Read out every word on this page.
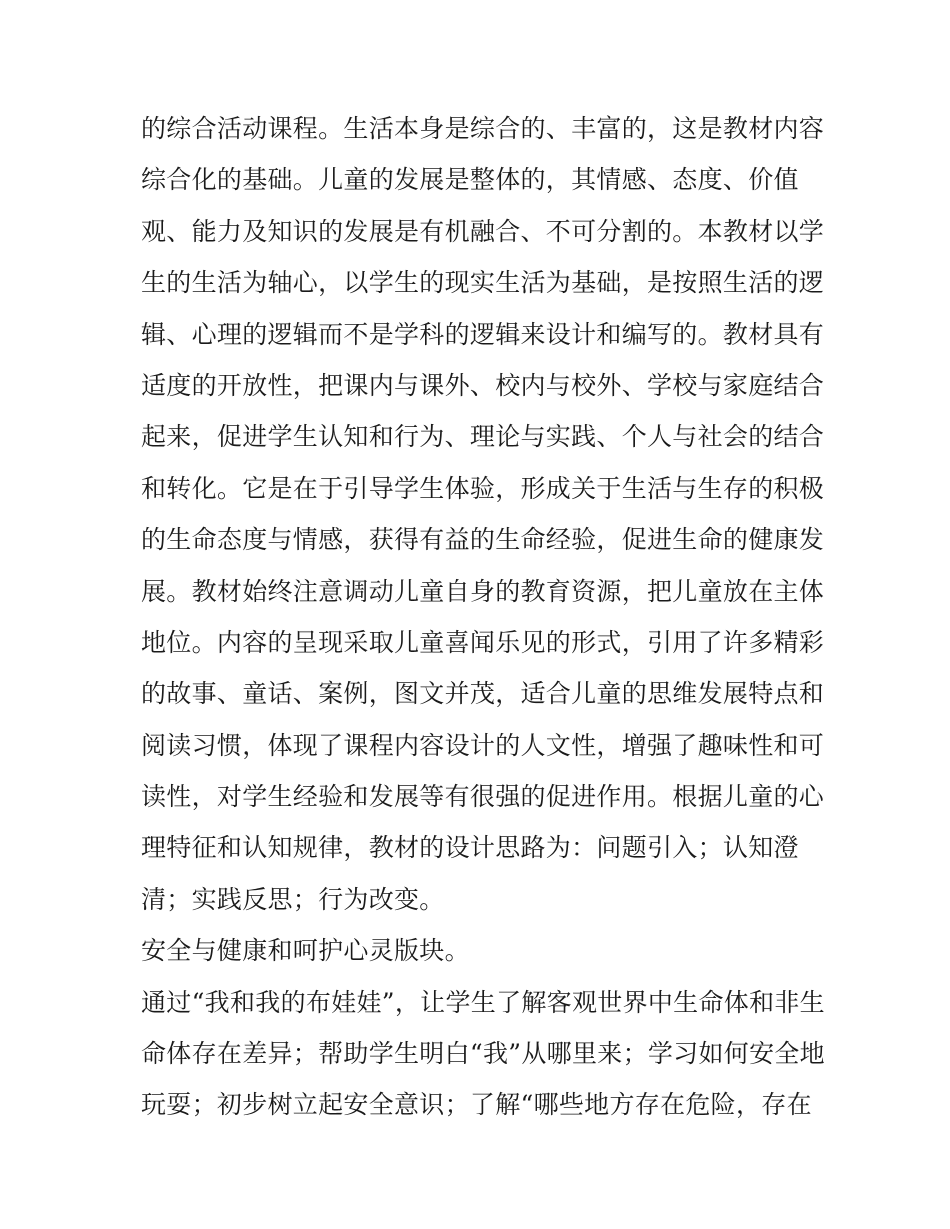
的综合活动课程。生活本身是综合的、丰富的，这是教材内容
综合化的基础。儿童的发展是整体的，其情感、态度、价值
观、能力及知识的发展是有机融合、不可分割的。本教材以学
生的生活为轴心，以学生的现实生活为基础，是按照生活的逻
辑、心理的逻辑而不是学科的逻辑来设计和编写的。教材具有
适度的开放性，把课内与课外、校内与校外、学校与家庭结合
起来，促进学生认知和行为、理论与实践、个人与社会的结合
和转化。它是在于引导学生体验，形成关于生活与生存的积极
的生命态度与情感，获得有益的生命经验，促进生命的健康发
展。教材始终注意调动儿童自身的教育资源，把儿童放在主体
地位。内容的呈现采取儿童喜闻乐见的形式，引用了许多精彩
的故事、童话、案例，图文并茂，适合儿童的思维发展特点和
阅读习惯，体现了课程内容设计的人文性，增强了趣味性和可
读性，对学生经验和发展等有很强的促进作用。根据儿童的心
理特征和认知规律，教材的设计思路为：问题引入；认知澄
清；实践反思；行为改变。
安全与健康和呵护心灵版块。
通过“我和我的布娃娃”，让学生了解客观世界中生命体和非生
命体存在差异；帮助学生明白“我”从哪里来；学习如何安全地
玩耍；初步树立起安全意识；了解“哪些地方存在危险，存在
